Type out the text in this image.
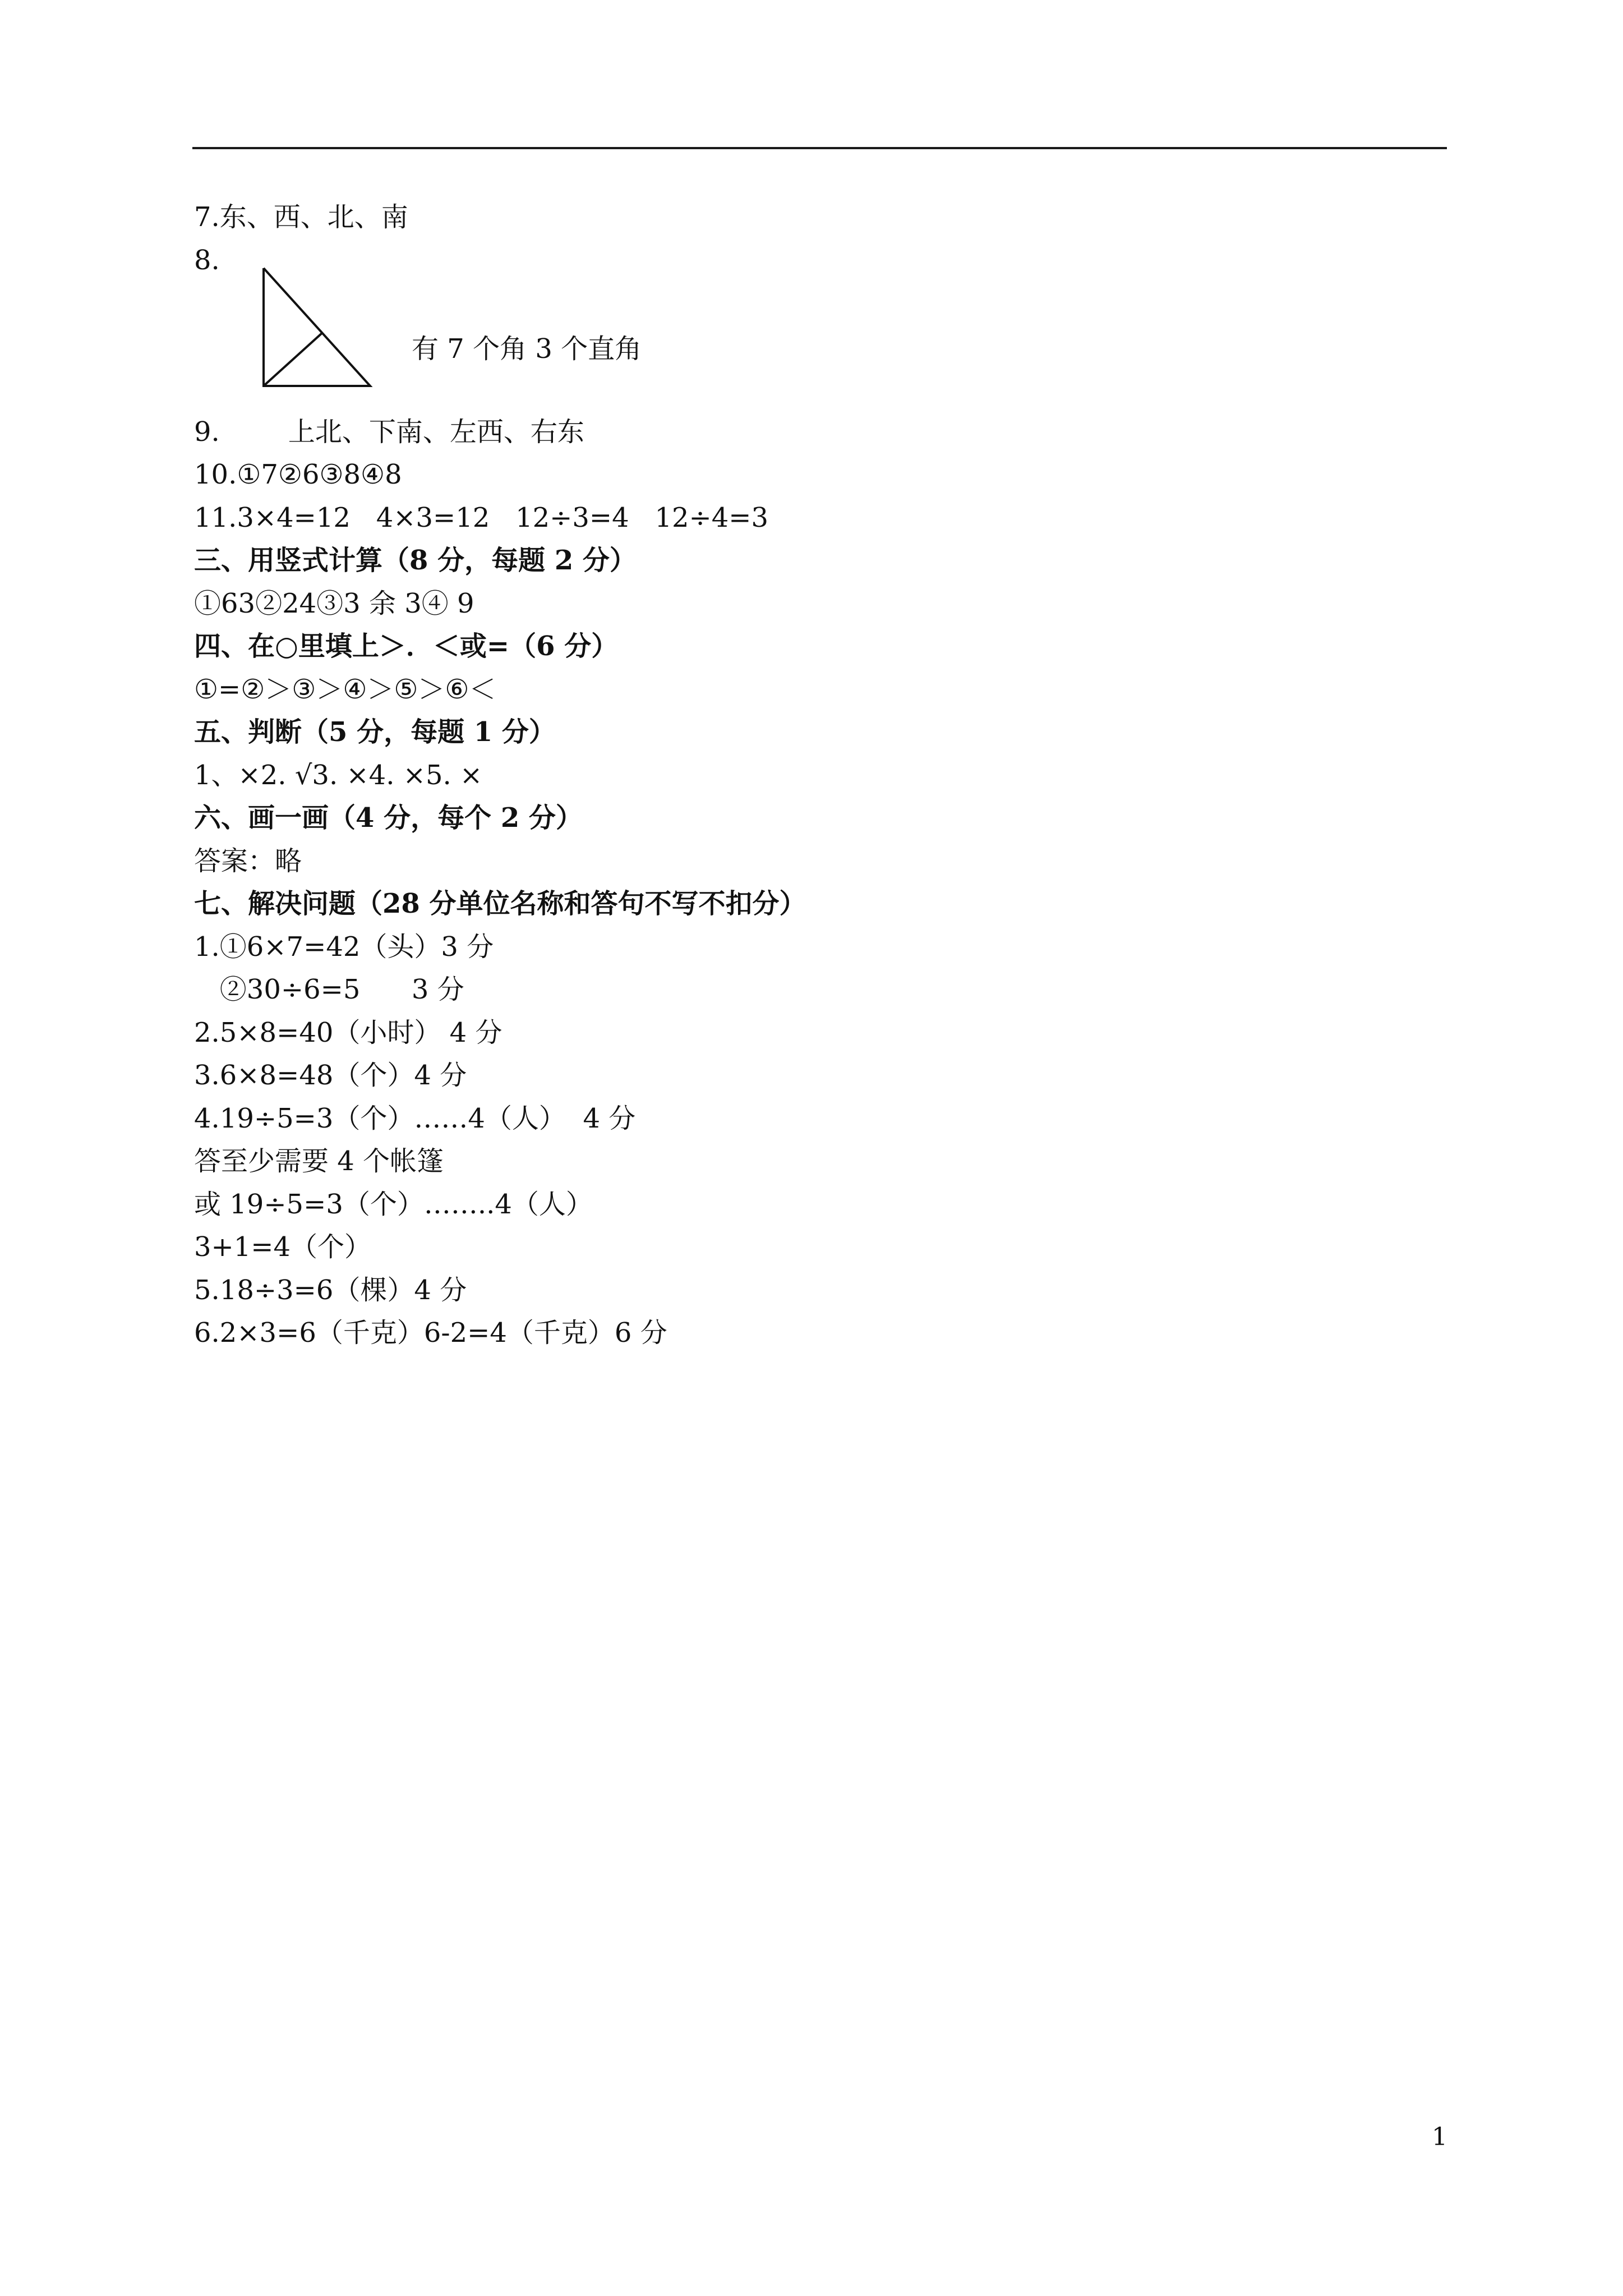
7.东、西、北、南
8.
有 7 个角 3 个直角
9.        上北、下南、左西、右东
10.①7②6③8④8
11.3×4=12   4×3=12   12÷3=4   12÷4=3
三、用竖式计算（8 分，每题 2 分）
①63②24③3 余 3④ 9
四、在○里填上＞．＜或=（6 分）
①=②＞③＞④＞⑤＞⑥＜
五、判断（5 分，每题 1 分）
1、×2. √3. ×4. ×5. ×
六、画一画（4 分，每个 2 分）
答案：略
七、解决问题（28 分单位名称和答句不写不扣分）
1.①6×7=42（头）3 分
②30÷6=5      3 分
2.5×8=40（小时） 4 分
3.6×8=48（个）4 分
4.19÷5=3（个）……4（人）  4 分
答至少需要 4 个帐篷
或 19÷5=3（个）……..4（人）
3+1=4（个）
5.18÷3=6（棵）4 分
6.2×3=6（千克）6-2=4（千克）6 分
1
